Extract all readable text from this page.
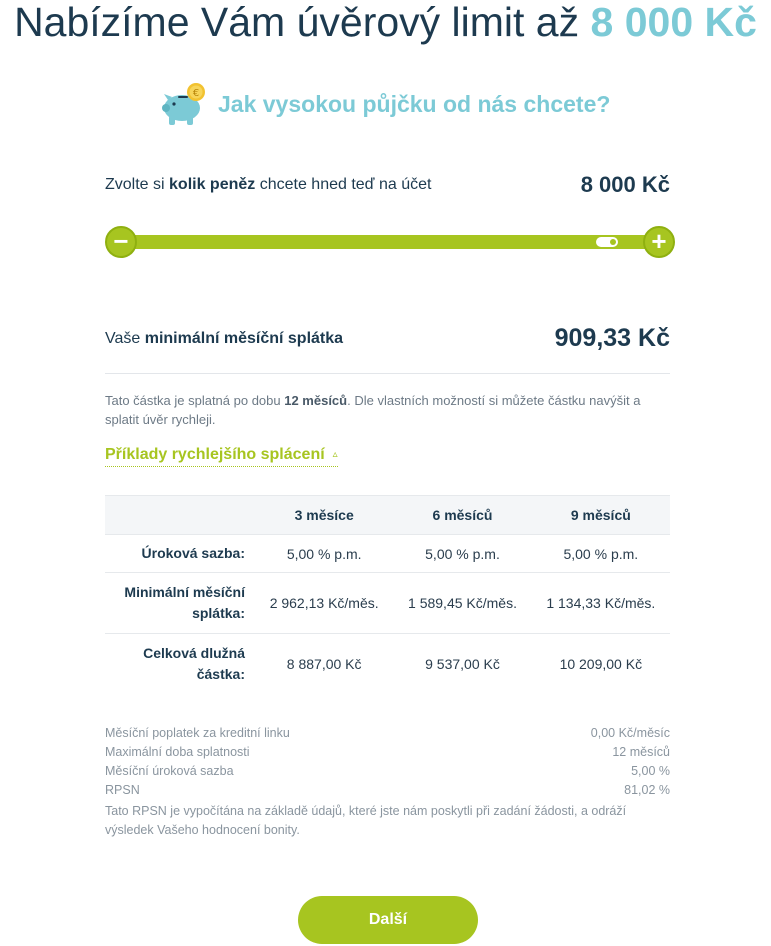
Nabízíme Vám úvěrový limit až 8 000 Kč
€ Jak vysokou půjčku od nás chcete?
Zvolte si kolik peněz chcete hned teď na účet	8 000 Kč
−	+
Vaše minimální měsíční splátka	909,33 Kč
Tato částka je splatná po dobu 12 měsíců. Dle vlastních možností si můžete částku navýšit a splatit úvěr rychleji.
Příklady rychlejšího splácení ▵
	3 měsíce	6 měsíců	9 měsíců
Úroková sazba:	5,00 % p.m.	5,00 % p.m.	5,00 % p.m.
Minimální měsíční splátka:	2 962,13 Kč/měs.	1 589,45 Kč/měs.	1 134,33 Kč/měs.
Celková dlužná částka:	8 887,00 Kč	9 537,00 Kč	10 209,00 Kč
Měsíční poplatek za kreditní linku	0,00 Kč/měsíc
Maximální doba splatnosti	12 měsíců
Měsíční úroková sazba	5,00 %
RPSN	81,02 %
Tato RPSN je vypočítána na základě údajů, které jste nám poskytli při zadání žádosti, a odráží výsledek Vašeho hodnocení bonity.
Další
